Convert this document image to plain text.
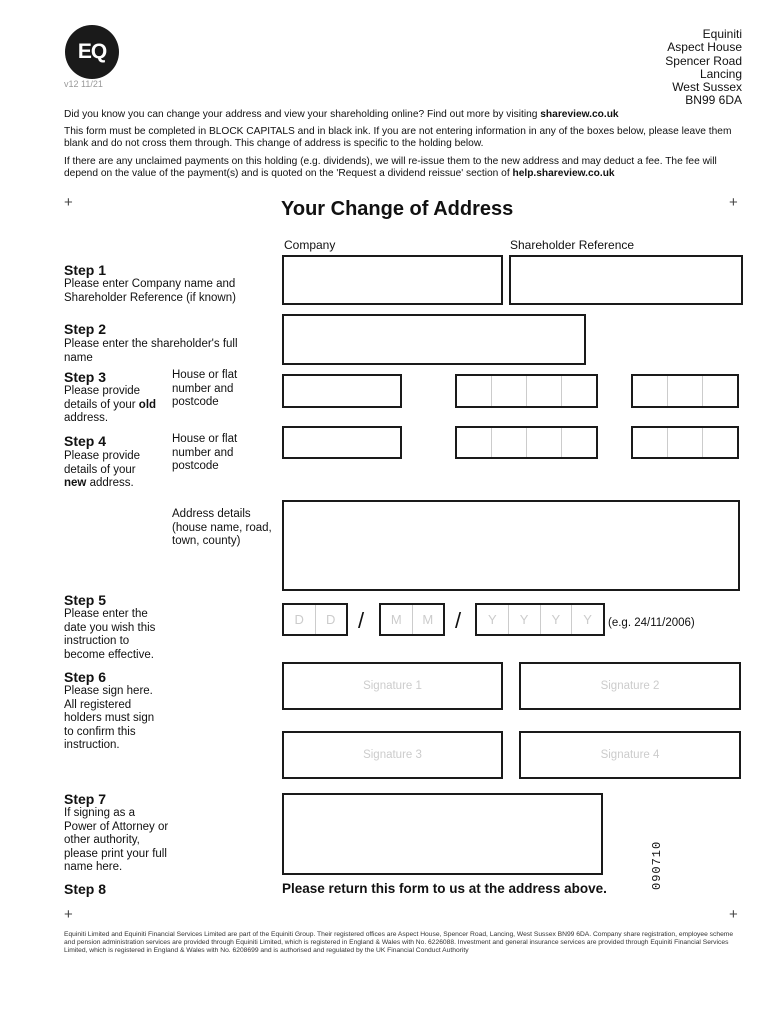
EQ
v12 11/21
Equiniti
Aspect House
Spencer Road
Lancing
West Sussex
BN99 6DA
Did you know you can change your address and view your shareholding online? Find out more by visiting shareview.co.uk
This form must be completed in BLOCK CAPITALS and in black ink. If you are not entering information in any of the boxes below, please leave them blank and do not cross them through. This change of address is specific to the holding below.
If there are any unclaimed payments on this holding (e.g. dividends), we will re-issue them to the new address and may deduct a fee. The fee will depend on the value of the payment(s) and is quoted on the 'Request a dividend reissue' section of help.shareview.co.uk
+	+
+	+
Your Change of Address
Company	Shareholder Reference
Step 1
Please enter Company name and Shareholder Reference (if known)
Step 2
Please enter the shareholder's full name
Step 3
Please provide details of your old address.
House or flat number and postcode
Step 4
Please provide details of your new address.
House or flat number and postcode
Address details (house name, road, town, county)
Step 5
Please enter the date you wish this instruction to become effective.
D	D	/	M	M /	Y	Y	Y	Y	(e.g. 24/11/2006)
Step 6
Please sign here. All registered holders must sign to confirm this instruction.
Signature 1	Signature 2
Signature 3	Signature 4
Step 7
If signing as a Power of Attorney or other authority, please print your full name here.	090710
Step 8	Please return this form to us at the address above.
Equiniti Limited and Equiniti Financial Services Limited are part of the Equiniti Group. Their registered offices are Aspect House, Spencer Road, Lancing, West Sussex BN99 6DA. Company share registration, employee scheme and pension administration services are provided through Equiniti Limited, which is registered in England & Wales with No. 6226088. Investment and general insurance services are provided through Equiniti Financial Services Limited, which is registered in England & Wales with No. 6208699 and is authorised and regulated by the UK Financial Conduct Authority
